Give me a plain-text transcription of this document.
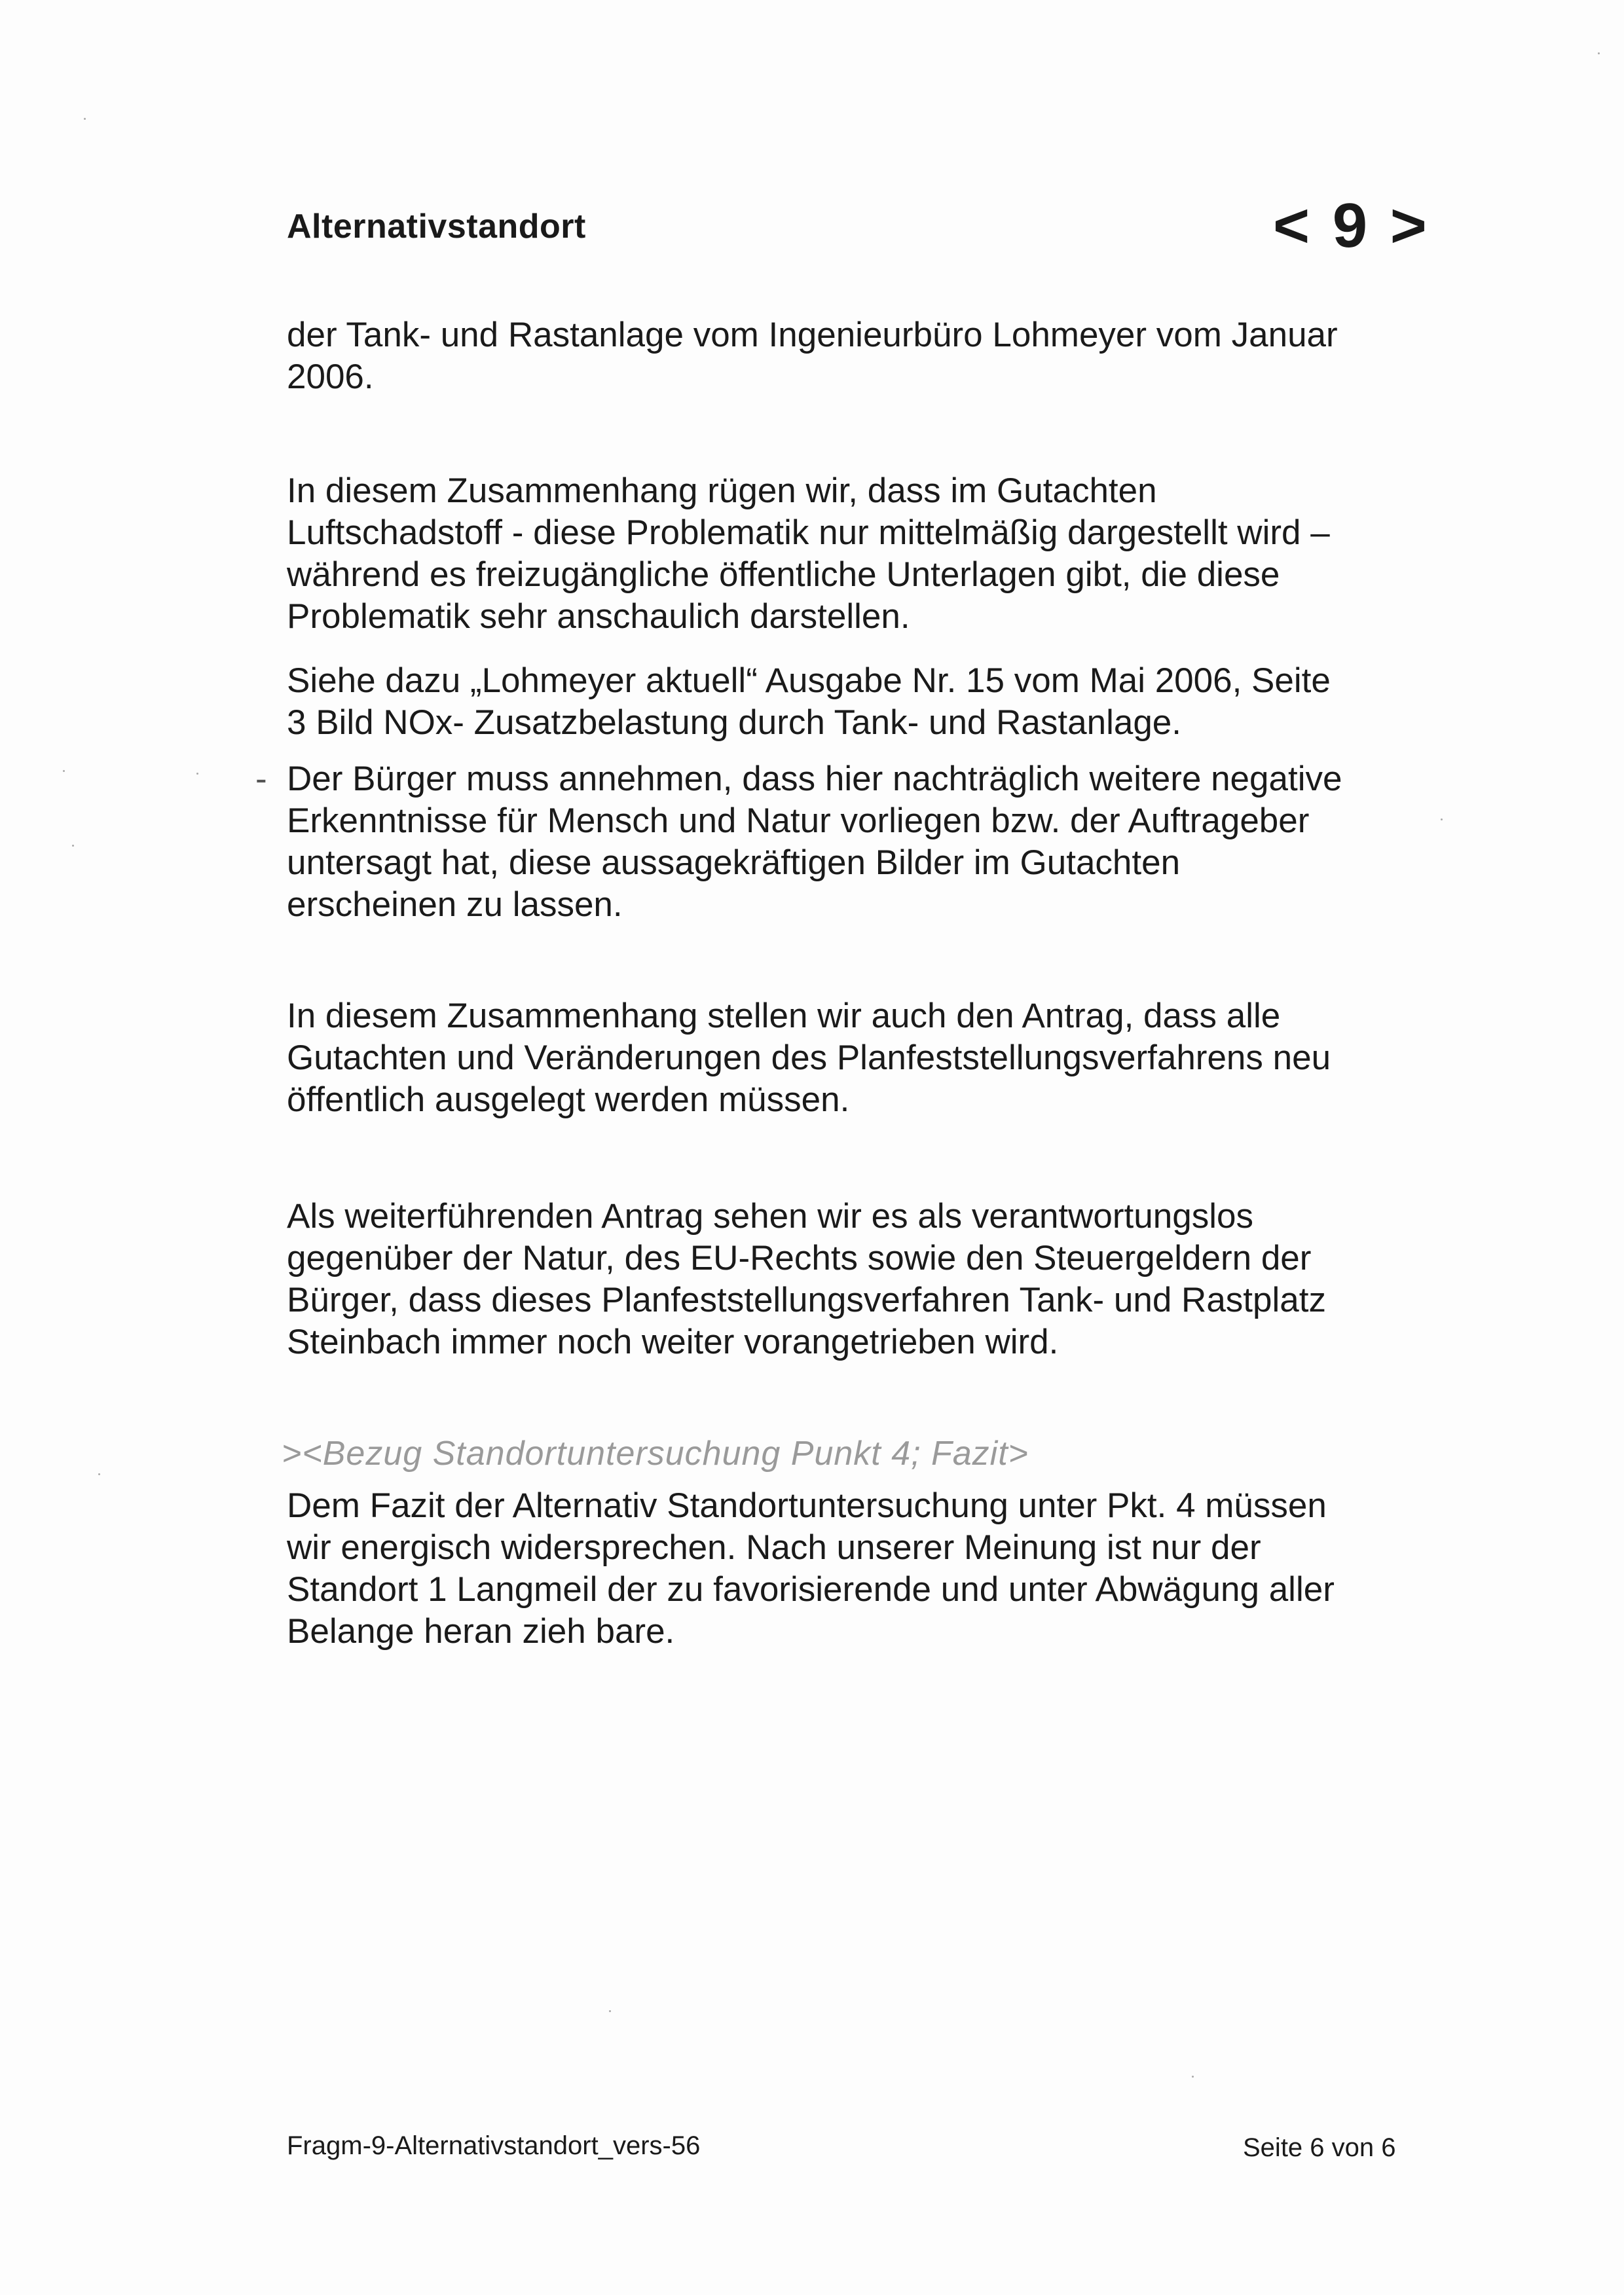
Alternativstandort	< 9 >
der Tank- und Rastanlage vom Ingenieurbüro Lohmeyer vom Januar
2006.
In diesem Zusammenhang rügen wir, dass im Gutachten
Luftschadstoff - diese Problematik nur mittelmäßig dargestellt wird –
während es freizugängliche öffentliche Unterlagen gibt, die diese
Problematik sehr anschaulich darstellen.
Siehe dazu „Lohmeyer aktuell“ Ausgabe Nr. 15 vom Mai 2006, Seite
3 Bild NOx- Zusatzbelastung durch Tank- und Rastanlage.
- Der Bürger muss annehmen, dass hier nachträglich weitere negative
Erkenntnisse für Mensch und Natur vorliegen bzw. der Auftrageber
untersagt hat, diese aussagekräftigen Bilder im Gutachten
erscheinen zu lassen.
In diesem Zusammenhang stellen wir auch den Antrag, dass alle
Gutachten und Veränderungen des Planfeststellungsverfahrens neu
öffentlich ausgelegt werden müssen.
Als weiterführenden Antrag sehen wir es als verantwortungslos
gegenüber der Natur, des EU-Rechts sowie den Steuergeldern der
Bürger, dass dieses Planfeststellungsverfahren Tank- und Rastplatz
Steinbach immer noch weiter vorangetrieben wird.
><Bezug Standortuntersuchung Punkt 4; Fazit>
Dem Fazit der Alternativ Standortuntersuchung unter Pkt. 4 müssen
wir energisch widersprechen. Nach unserer Meinung ist nur der
Standort 1 Langmeil der zu favorisierende und unter Abwägung aller
Belange heran zieh bare.
Fragm-9-Alternativstandort_vers-56	Seite 6 von 6
